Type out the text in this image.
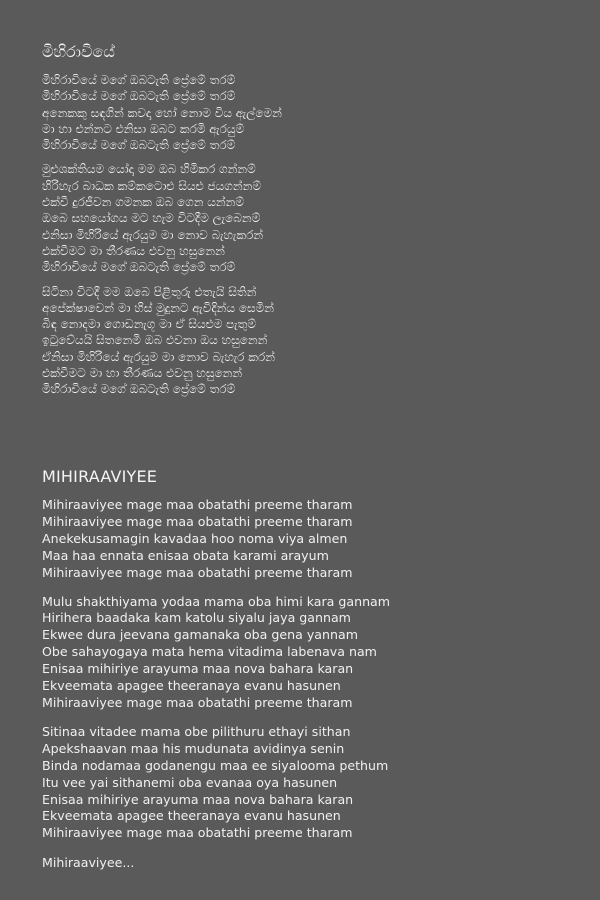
මිහිරාවියේ
මිහිරාවියේ මගේ ඔබටැති ප්‍රේමේ තරම්
මිහිරාවියේ මගේ ඔබටැති ප්‍රේමේ තරම්
අනෙකකු සඳගින් කවදා හෝ නොම විය ඇල්මෙන්
මා හා එන්නට එනිසා ඔබට කරමි ඇරයුම්
මිහිරාවියේ මගේ ඔබටැති ප්‍රේමේ තරම්
මුළුශක්තියම යෝදා මම ඔබ හිමිකර ගන්නම්
හිරිහැර බාධක කම්කටොළු සියළු ජයගන්නම්
එක්වී දුරජීවන ගමනක ඔබ ගෙන යන්නම්
ඔබෙ සහයෝගය මට හැම විටදීම ලැබෙනම්
එනිසා මිහිරියේ ඇරයුම මා නොව බැහැකරන්
එක්වීමට මා තීරණය එවනු හසුනෙන්
මිහිරාවියේ මගේ ඔබටැති ප්‍රේමේ තරම්
සිටිනා විටදී මම ඔබෙ පිළිතුරු එතැයි සිතින්
අපේක්ෂාවෙන් මා හිස් මුදුනට ඇවිදින්ය සෙමින්
බිඳ නොදමා ගොඩනැගූ මා ඒ සියළුම පැතුම්
ඉටුවේයයි සිතනෙමි ඔබ එවනා ඔය හසුනෙන්
ඒනිසා මිහිරියේ ඇරයුම මා නොව බැහැර කරන්
එක්වීමට මා හා තීරණය එවනු හසුනෙන්
මිහිරාවියේ මගේ ඔබටැති ප්‍රේමේ තරම්
MIHIRAAVIYEE
Mihiraaviyee mage maa obatathi preeme tharam
Mihiraaviyee mage maa obatathi preeme tharam
Anekekusamagin kavadaa hoo noma viya almen
Maa haa ennata enisaa obata karami arayum
Mihiraaviyee mage maa obatathi preeme tharam
Mulu shakthiyama yodaa mama oba himi kara gannam
Hirihera baadaka kam katolu siyalu jaya gannam
Ekwee dura jeevana gamanaka oba gena yannam
Obe sahayogaya mata hema vitadima labenava nam
Enisaa mihiriye arayuma maa nova bahara karan
Ekveemata apagee theeranaya evanu hasunen
Mihiraaviyee mage maa obatathi preeme tharam
Sitinaa vitadee mama obe pilithuru ethayi sithan
Apekshaavan maa his mudunata avidinya senin
Binda nodamaa godanengu maa ee siyalooma pethum
Itu vee yai sithanemi oba evanaa oya hasunen
Enisaa mihiriye arayuma maa nova bahara karan
Ekveemata apagee theeranaya evanu hasunen
Mihiraaviyee mage maa obatathi preeme tharam
Mihiraaviyee...
